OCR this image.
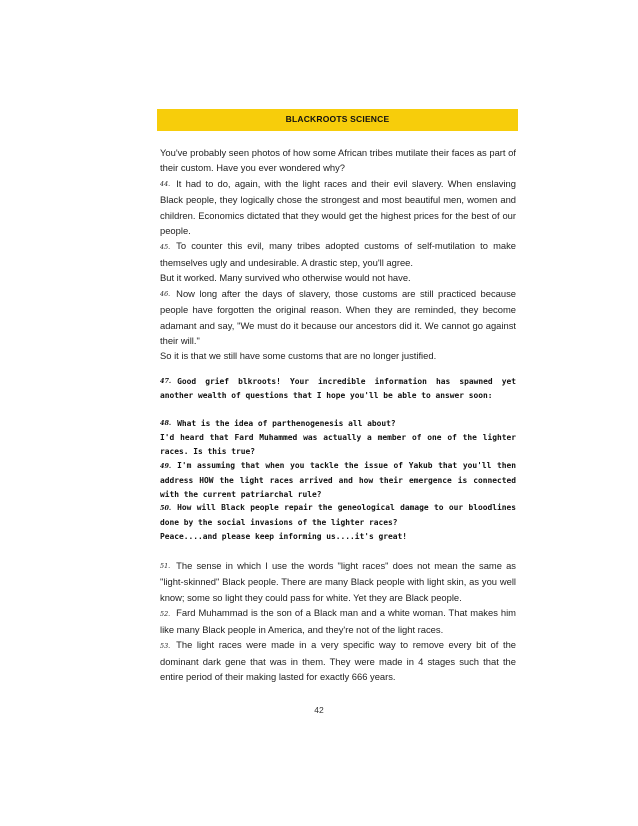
BLACKROOTS SCIENCE

You've probably seen photos of how some African tribes mutilate their faces as part of their custom. Have you ever wondered why?

44. It had to do, again, with the light races and their evil slavery. When enslaving Black people, they logically chose the strongest and most beautiful men, women and children. Economics dictated that they would get the highest prices for the best of our people.

45. To counter this evil, many tribes adopted customs of self-mutilation to make themselves ugly and undesirable. A drastic step, you'll agree.

But it worked. Many survived who otherwise would not have.

46. Now long after the days of slavery, those customs are still practiced because people have forgotten the original reason. When they are reminded, they become adamant and say, "We must do it because our ancestors did it. We cannot go against their will."

So it is that we still have some customs that are no longer justified.

47. Good grief blkroots! Your incredible information has spawned yet another wealth of questions that I hope you'll be able to answer soon:

48. What is the idea of parthenogenesis all about?

I'd heard that Fard Muhammed was actually a member of one of the lighter races. Is this true?

49. I'm assuming that when you tackle the issue of Yakub that you'll then address HOW the light races arrived and how their emergence is connected with the current patriarchal rule?

50. How will Black people repair the geneological damage to our bloodlines done by the social invasions of the lighter races?

Peace....and please keep informing us....it's great!

51. The sense in which I use the words "light races" does not mean the same as "light-skinned" Black people. There are many Black people with light skin, as you well know; some so light they could pass for white. Yet they are Black people.

52. Fard Muhammad is the son of a Black man and a white woman. That makes him like many Black people in America, and they're not of the light races.

53. The light races were made in a very specific way to remove every bit of the dominant dark gene that was in them. They were made in 4 stages such that the entire period of their making lasted for exactly 666 years.

42
